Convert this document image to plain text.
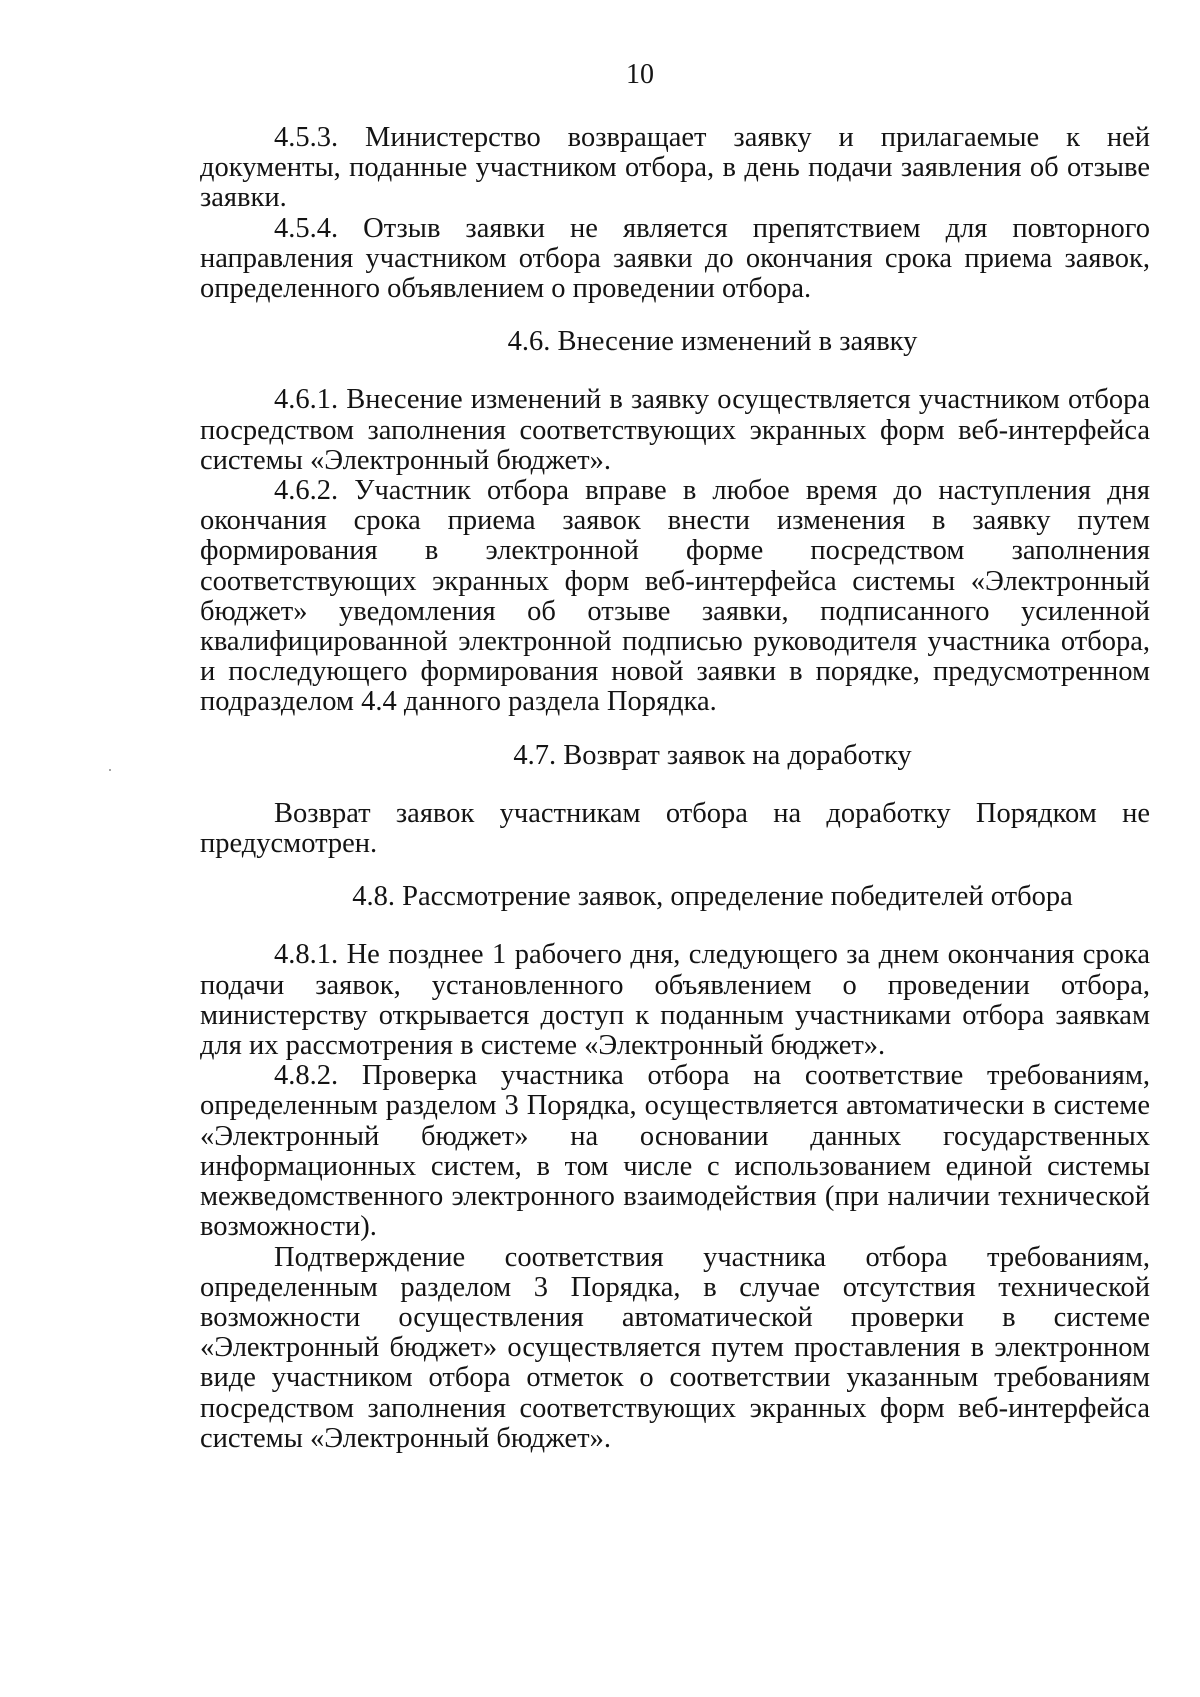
10

4.5.3. Министерство возвращает заявку и прилагаемые к ней документы, поданные участником отбора, в день подачи заявления об отзыве заявки.

4.5.4. Отзыв заявки не является препятствием для повторного направления участником отбора заявки до окончания срока приема заявок, определенного объявлением о проведении отбора.

4.6. Внесение изменений в заявку

4.6.1. Внесение изменений в заявку осуществляется участником отбора посредством заполнения соответствующих экранных форм веб-интерфейса системы «Электронный бюджет».

4.6.2. Участник отбора вправе в любое время до наступления дня окончания срока приема заявок внести изменения в заявку путем формирования в электронной форме посредством заполнения соответствующих экранных форм веб-интерфейса системы «Электронный бюджет» уведомления об отзыве заявки, подписанного усиленной квалифицированной электронной подписью руководителя участника отбора, и последующего формирования новой заявки в порядке, предусмотренном подразделом 4.4 данного раздела Порядка.

4.7. Возврат заявок на доработку

Возврат заявок участникам отбора на доработку Порядком не предусмотрен.

4.8. Рассмотрение заявок, определение победителей отбора

4.8.1. Не позднее 1 рабочего дня, следующего за днем окончания срока подачи заявок, установленного объявлением о проведении отбора, министерству открывается доступ к поданным участниками отбора заявкам для их рассмотрения в системе «Электронный бюджет».

4.8.2. Проверка участника отбора на соответствие требованиям, определенным разделом 3 Порядка, осуществляется автоматически в системе «Электронный бюджет» на основании данных государственных информационных систем, в том числе с использованием единой системы межведомственного электронного взаимодействия (при наличии технической возможности).

Подтверждение соответствия участника отбора требованиям, определенным разделом 3 Порядка, в случае отсутствия технической возможности осуществления автоматической проверки в системе «Электронный бюджет» осуществляется путем проставления в электронном виде участником отбора отметок о соответствии указанным требованиям посредством заполнения соответствующих экранных форм веб-интерфейса системы «Электронный бюджет».
